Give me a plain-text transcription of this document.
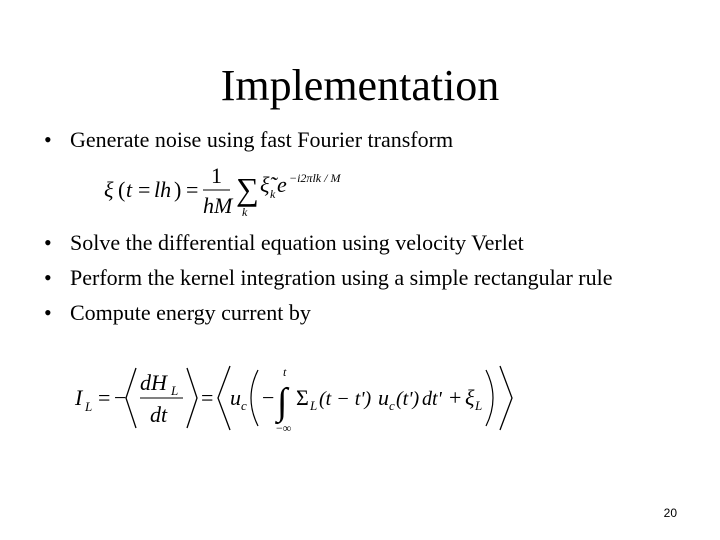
Implementation
• Generate noise using fast Fourier transform
ξ ( t = lh ) =
1
hM ∑
k
ξ̃ k e −i2πlk / M
• Solve the differential equation using velocity Verlet
• Perform the kernel integration using a simple rectangular rule
• Compute energy current by
I L = −
dH L
dt
= u c −
t
∫
−∞
Σ L (t − t') u c (t') dt' + ξ L
20
